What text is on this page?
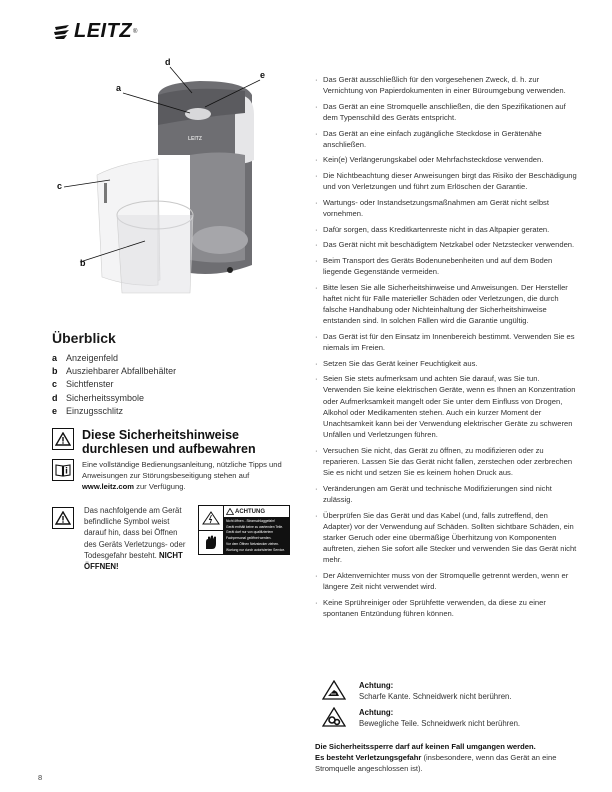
LEITZ ®
LEITZ
d
e
a
c
b
Überblick
a Anzeigenfeld
b Ausziehbarer Abfallbehälter
c Sichtfenster
d Sicherheitssymbole
e Einzugsschlitz
Diese Sicherheitshinweise
durchlesen und aufbewahren
Eine vollständige Bedienungsanleitung, nützliche Tipps und Anweisungen zur Störungsbeseitigung stehen auf www.leitz.com zur Verfügung.
Das nachfolgende am Gerät befindliche Symbol weist darauf hin, dass bei Öffnen des Geräts Verletzungs- oder Todesgefahr besteht. NICHT ÖFFNEN!
ACHTUNG
Nicht öffnen - Stromschlaggefahr!
Gerät enthält keine zu wartenden Teile.
Gerät darf nur von qualifiziertem
Fachpersonal geöffnet werden.
Vor dem Öffnen Netzstecker ziehen.
Wartung nur durch autorisierten Service.
· Das Gerät ausschließlich für den vorgesehenen Zweck, d. h. zur Vernichtung von Papierdokumenten in einer Büroumgebung verwenden.
· Das Gerät an eine Stromquelle anschließen, die den Spezifikationen auf dem Typenschild des Geräts entspricht.
· Das Gerät an eine einfach zugängliche Steckdose in Gerätenähe anschließen.
· Kein(e) Verlängerungskabel oder Mehrfachsteckdose verwenden.
· Die Nichtbeachtung dieser Anweisungen birgt das Risiko der Beschädigung und von Verletzungen und führt zum Erlöschen der Garantie.
· Wartungs- oder Instandsetzungsmaßnahmen am Gerät nicht selbst vornehmen.
· Dafür sorgen, dass Kreditkartenreste nicht in das Altpapier geraten.
· Das Gerät nicht mit beschädigtem Netzkabel oder Netzstecker verwenden.
· Beim Transport des Geräts Bodenunebenheiten und auf dem Boden liegende Gegenstände vermeiden.
· Bitte lesen Sie alle Sicherheitshinweise und Anweisungen. Der Hersteller haftet nicht für Fälle materieller Schäden oder Verletzungen, die durch falsche Handhabung oder Nichteinhaltung der Sicherheitshinweise entstanden sind. In solchen Fällen wird die Garantie ungültig.
· Das Gerät ist für den Einsatz im Innenbereich bestimmt. Verwenden Sie es niemals im Freien.
· Setzen Sie das Gerät keiner Feuchtigkeit aus.
· Seien Sie stets aufmerksam und achten Sie darauf, was Sie tun. Verwenden Sie keine elektrischen Geräte, wenn es Ihnen an Konzentration oder Aufmerksamkeit mangelt oder Sie unter dem Einfluss von Drogen, Alkohol oder Medikamenten stehen. Auch ein kurzer Moment der Unachtsamkeit kann bei der Verwendung elektrischer Geräte zu schweren Unfällen und Verletzungen führen.
· Versuchen Sie nicht, das Gerät zu öffnen, zu modifizieren oder zu reparieren. Lassen Sie das Gerät nicht fallen, zerstechen oder zerbrechen Sie es nicht und setzen Sie es keinem hohen Druck aus.
· Veränderungen am Gerät und technische Modifizierungen sind nicht zulässig.
· Überprüfen Sie das Gerät und das Kabel (und, falls zutreffend, den Adapter) vor der Verwendung auf Schäden. Sollten sichtbare Schäden, ein starker Geruch oder eine übermäßige Überhitzung von Komponenten auftreten, ziehen Sie sofort alle Stecker und verwenden Sie das Gerät nicht mehr.
· Der Aktenvernichter muss von der Stromquelle getrennt werden, wenn er längere Zeit nicht verwendet wird.
· Keine Sprühreiniger oder Sprühfette verwenden, da diese zu einer spontanen Entzündung führen können.
Achtung:
Scharfe Kante. Schneidwerk nicht berühren.
Achtung:
Bewegliche Teile. Schneidwerk nicht berühren.
Die Sicherheitssperre darf auf keinen Fall umgangen werden.
Es besteht Verletzungsgefahr (insbesondere, wenn das Gerät an eine Stromquelle angeschlossen ist).
8
